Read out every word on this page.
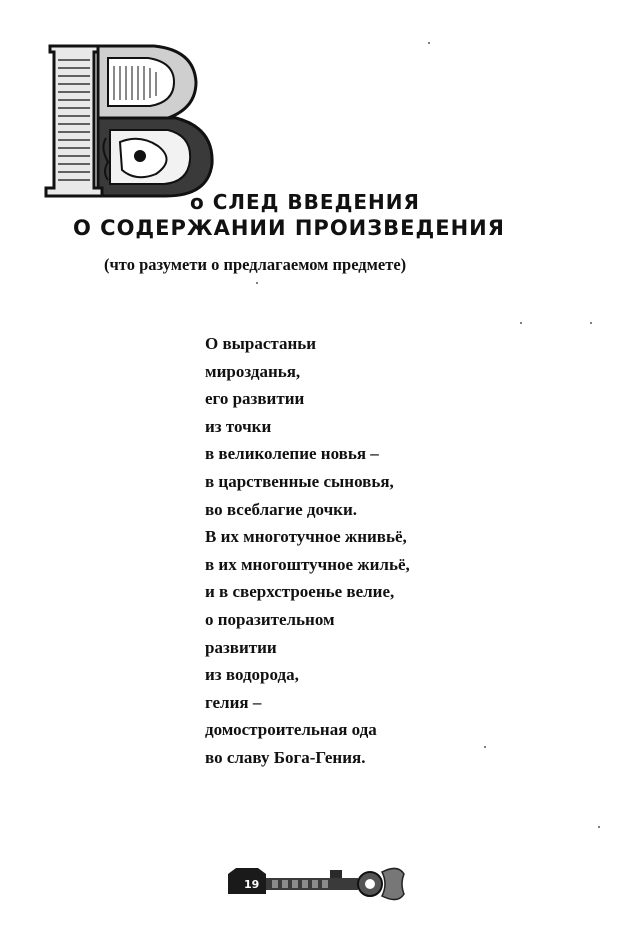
о СЛЕД ВВЕДЕНИЯ
О СОДЕРЖАНИИ ПРОИЗВЕДЕНИЯ
(что разумети о предлагаемом предмете)
О вырастаньи
мирозданья,
его развитии
из точки
в великолепие новья –
в царственные сыновья,
во всеблагие дочки.
В их многотучное жнивьё,
в их многоштучное жильё,
и в сверхстроенье велие,
о поразительном
развитии
из водорода,
гелия –
домостроительная ода
во славу Бога-Гения.
19
